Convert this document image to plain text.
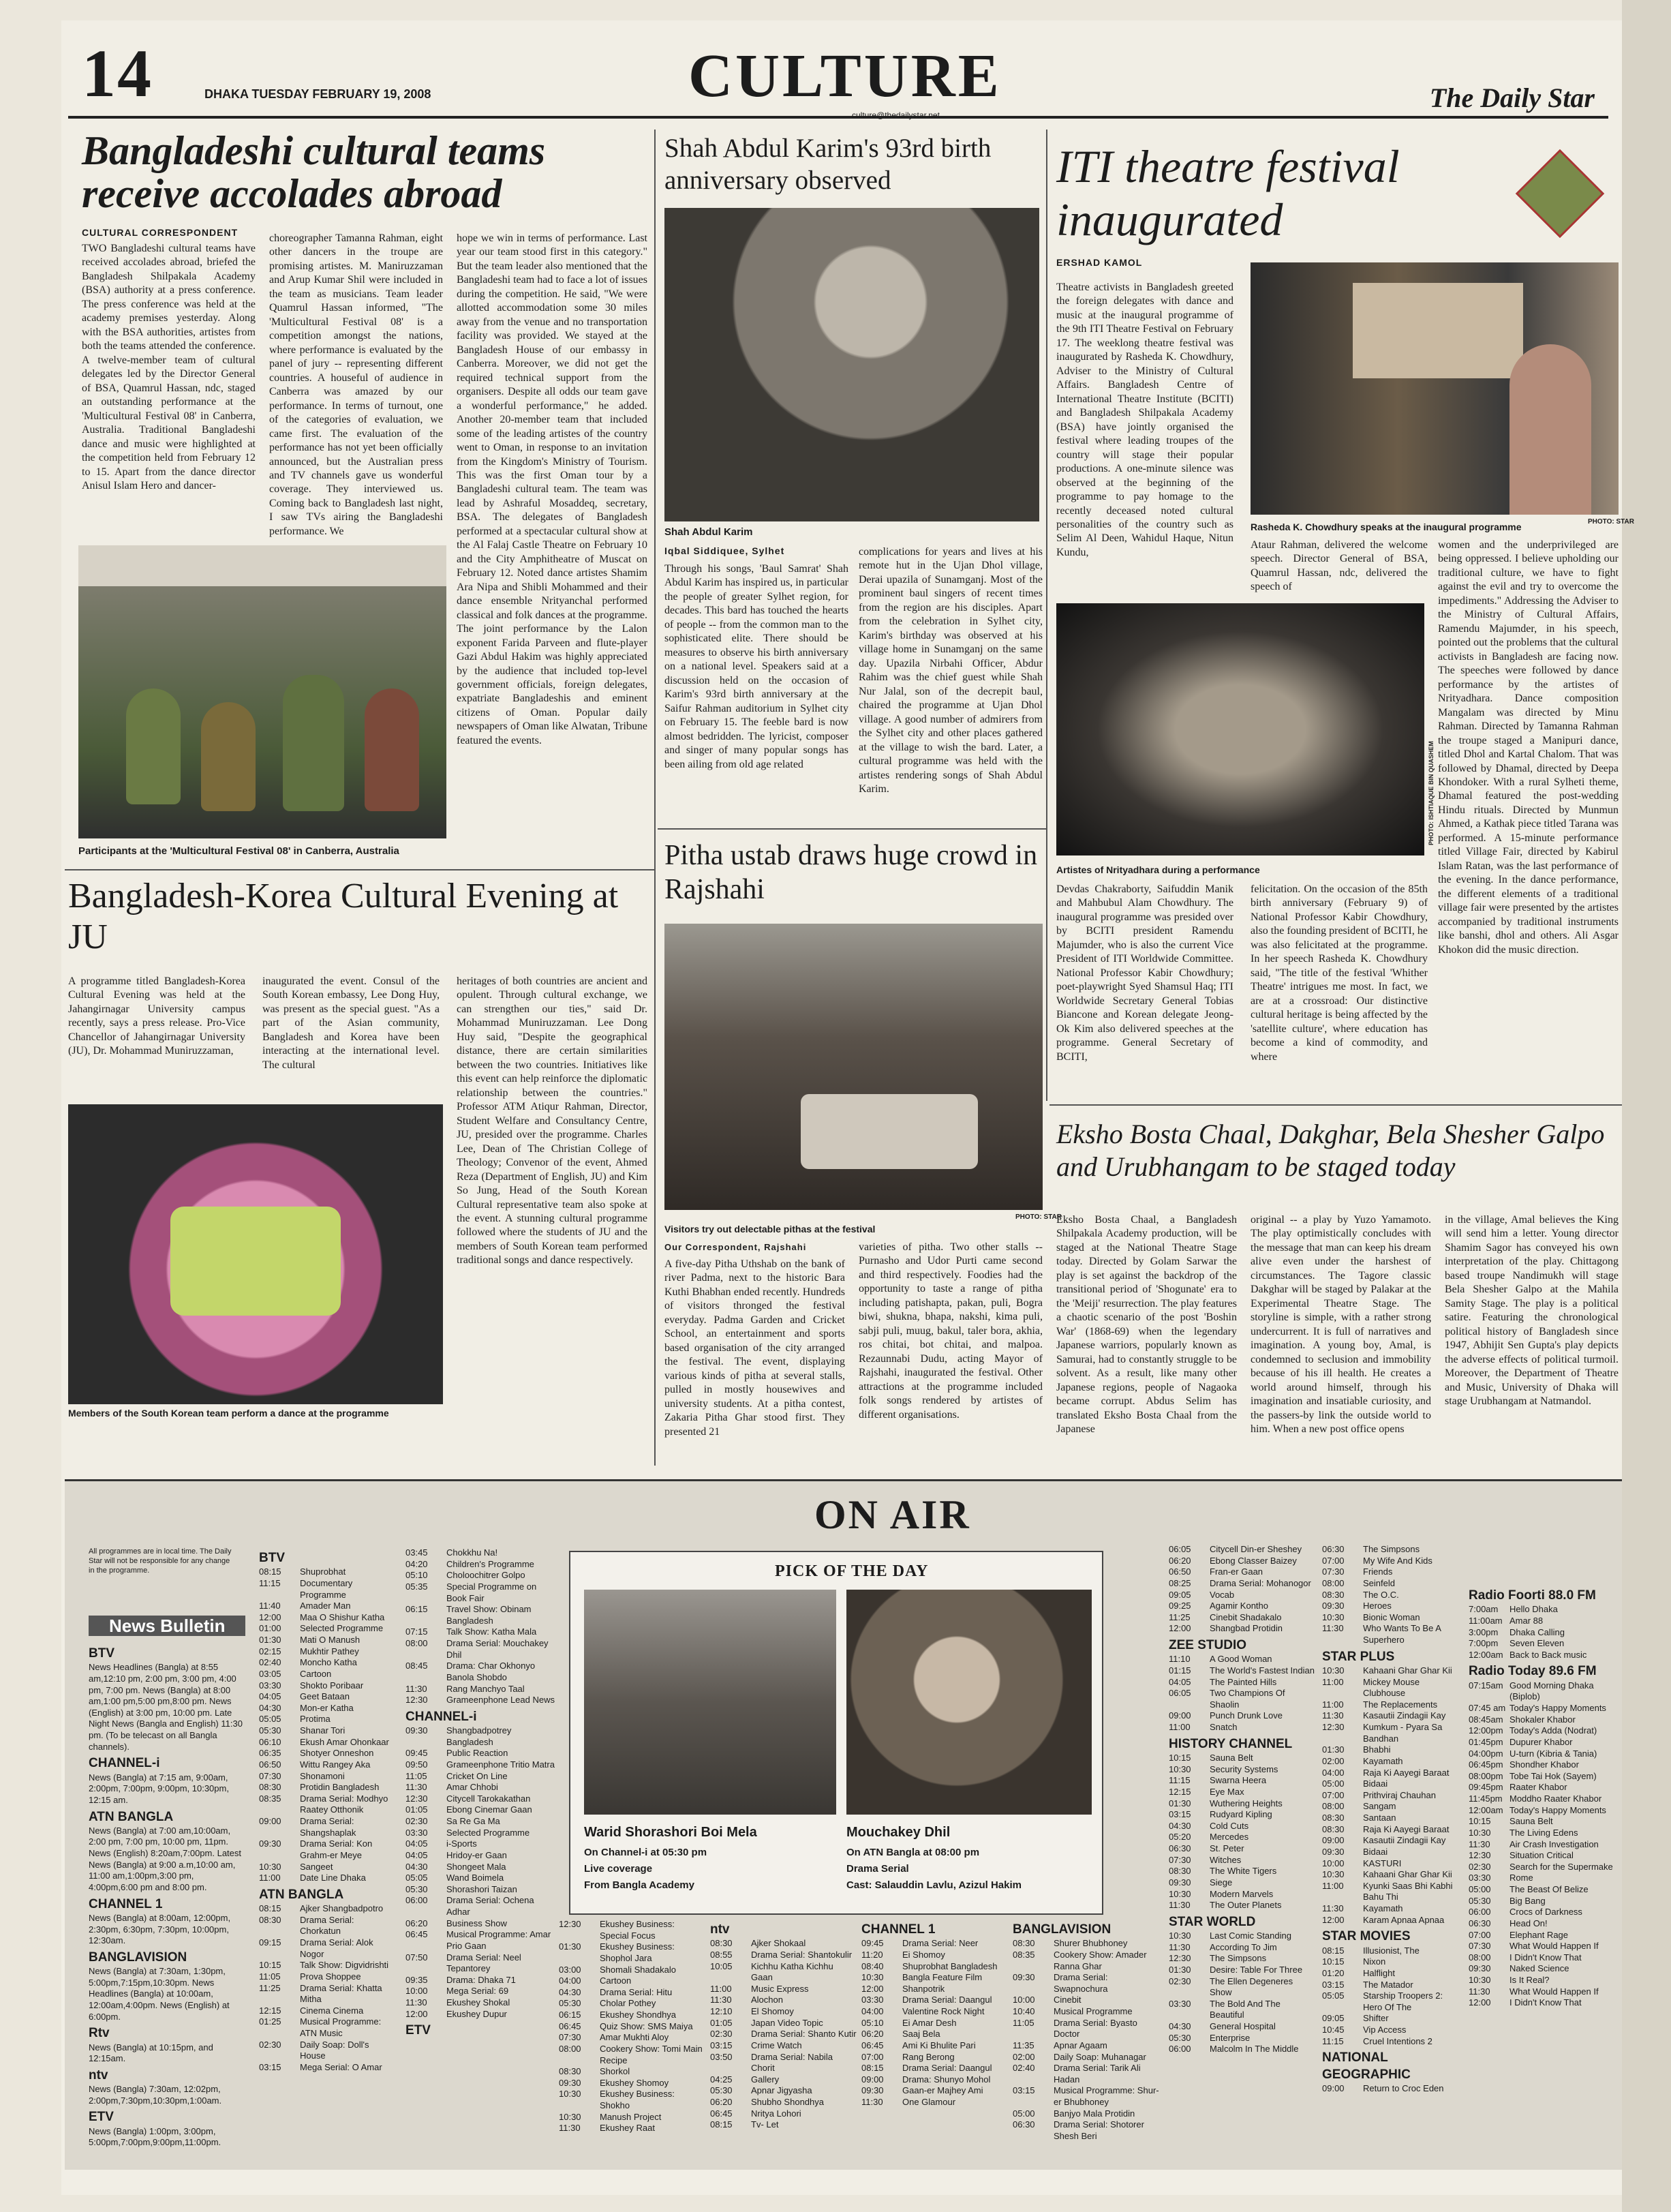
14	DHAKA TUESDAY FEBRUARY 19, 2008	CULTURE
culture@thedailystar.net
The Daily Star
Bangladeshi cultural teams receive accolades abroad
CULTURAL CORRESPONDENT
TWO Bangladeshi cultural teams have received accolades abroad, briefed the Bangladesh Shilpakala Academy (BSA) authority at a press conference. The press conference was held at the academy premises yesterday. Along with the BSA authorities, artistes from both the teams attended the conference. A twelve-member team of cultural delegates led by the Director General of BSA, Quamrul Hassan, ndc, staged an outstanding performance at the 'Multicultural Festival 08' in Canberra, Australia. Traditional Bangladeshi dance and music were highlighted at the competition held from February 12 to 15. Apart from the dance director Anisul Islam Hero and dancer-
choreographer Tamanna Rahman, eight other dancers in the troupe are promising artistes. M. Maniruzzaman and Arup Kumar Shil were included in the team as musicians. Team leader Quamrul Hassan informed, "The 'Multicultural Festival 08' is a competition amongst the nations, where performance is evaluated by the panel of jury -- representing different countries. A houseful of audience in Canberra was amazed by our performance. In terms of turnout, one of the categories of evaluation, we came first. The evaluation of the performance has not yet been officially announced, but the Australian press and TV channels gave us wonderful coverage. They interviewed us. Coming back to Bangladesh last night, I saw TVs airing the Bangladeshi performance. We
hope we win in terms of performance. Last year our team stood first in this category." But the team leader also mentioned that the Bangladeshi team had to face a lot of issues during the competition. He said, "We were allotted accommodation some 30 miles away from the venue and no transportation facility was provided. We stayed at the Bangladesh House of our embassy in Canberra. Moreover, we did not get the required technical support from the organisers. Despite all odds our team gave a wonderful performance," he added. Another 20-member team that included some of the leading artistes of the country went to Oman, in response to an invitation from the Kingdom's Ministry of Tourism. This was the first Oman tour by a Bangladeshi cultural team. The team was lead by Ashraful Mosaddeq, secretary, BSA. The delegates of Bangladesh performed at a spectacular cultural show at the Al Falaj Castle Theatre on February 10 and the City Amphitheatre of Muscat on February 12. Noted dance artistes Shamim Ara Nipa and Shibli Mohammed and their dance ensemble Nrityanchal performed classical and folk dances at the programme. The joint performance by the Lalon exponent Farida Parveen and flute-player Gazi Abdul Hakim was highly appreciated by the audience that included top-level government officials, foreign delegates, expatriate Bangladeshis and eminent citizens of Oman. Popular daily newspapers of Oman like Alwatan, Tribune featured the events.
Participants at the 'Multicultural Festival 08' in Canberra, Australia
Shah Abdul Karim's 93rd birth anniversary observed
Shah Abdul Karim
Iqbal Siddiquee, Sylhet
Through his songs, 'Baul Samrat' Shah Abdul Karim has inspired us, in particular the people of greater Sylhet region, for decades. This bard has touched the hearts of people -- from the common man to the sophisticated elite. There should be measures to observe his birth anniversary on a national level. Speakers said at a discussion held on the occasion of Karim's 93rd birth anniversary at the Saifur Rahman auditorium in Sylhet city on February 15. The feeble bard is now almost bedridden. The lyricist, composer and singer of many popular songs has been ailing from old age related
complications for years and lives at his remote hut in the Ujan Dhol village, Derai upazila of Sunamganj. Most of the prominent baul singers of recent times from the region are his disciples. Apart from the celebration in Sylhet city, Karim's birthday was observed at his village home in Sunamganj on the same day. Upazila Nirbahi Officer, Abdur Rahim was the chief guest while Shah Nur Jalal, son of the decrepit baul, chaired the programme at Ujan Dhol village. A good number of admirers from the Sylhet city and other places gathered at the village to wish the bard. Later, a cultural programme was held with the artistes rendering songs of Shah Abdul Karim.
ITI theatre festival inaugurated
ERSHAD KAMOL
Theatre activists in Bangladesh greeted the foreign delegates with dance and music at the inaugural programme of the 9th ITI Theatre Festival on February 17. The weeklong theatre festival was inaugurated by Rasheda K. Chowdhury, Adviser to the Ministry of Cultural Affairs. Bangladesh Centre of International Theatre Institute (BCITI) and Bangladesh Shilpakala Academy (BSA) have jointly organised the festival where leading troupes of the country will stage their popular productions. A one-minute silence was observed at the beginning of the programme to pay homage to the recently deceased noted cultural personalities of the country such as Selim Al Deen, Wahidul Haque, Nitun Kundu,
Rasheda K. Chowdhury speaks at the inaugural programme	PHOTO: STAR
Ataur Rahman, delivered the welcome speech. Director General of BSA, Quamrul Hassan, ndc, delivered the speech of
women and the underprivileged are being oppressed. I believe upholding our traditional culture, we have to fight against the evil and try to overcome the impediments." Addressing the Adviser to the Ministry of Cultural Affairs, Ramendu Majumder, in his speech, pointed out the problems that the cultural activists in Bangladesh are facing now. The speeches were followed by dance performance by the artistes of Nrityadhara. Dance composition Mangalam was directed by Minu Rahman. Directed by Tamanna Rahman the troupe staged a Manipuri dance, titled Dhol and Kartal Chalom. That was followed by Dhamal, directed by Deepa Khondoker. With a rural Sylheti theme, Dhamal featured the post-wedding Hindu rituals. Directed by Munmun Ahmed, a Kathak piece titled Tarana was performed. A 15-minute performance titled Village Fair, directed by Kabirul Islam Ratan, was the last performance of the evening. In the dance performance, the different elements of a traditional village fair were presented by the artistes accompanied by traditional instruments like banshi, dhol and others. Ali Asgar Khokon did the music direction.
PHOTO: ISHTIAQUE BIN QUASHEM
Artistes of Nrityadhara during a performance
Devdas Chakraborty, Saifuddin Manik and Mahbubul Alam Chowdhury. The inaugural programme was presided over by BCITI president Ramendu Majumder, who is also the current Vice President of ITI Worldwide Committee. National Professor Kabir Chowdhury; poet-playwright Syed Shamsul Haq; ITI Worldwide Secretary General Tobias Biancone and Korean delegate Jeong-Ok Kim also delivered speeches at the programme. General Secretary of BCITI,
felicitation. On the occasion of the 85th birth anniversary (February 9) of National Professor Kabir Chowdhury, also the founding president of BCITI, he was also felicitated at the programme. In her speech Rasheda K. Chowdhury said, "The title of the festival 'Whither Theatre' intrigues me most. In fact, we are at a crossroad: Our distinctive cultural heritage is being affected by the 'satellite culture', where education has become a kind of commodity, and where
Bangladesh-Korea Cultural Evening at JU
A programme titled Bangladesh-Korea Cultural Evening was held at the Jahangirnagar University campus recently, says a press release. Pro-Vice Chancellor of Jahangirnagar University (JU), Dr. Mohammad Muniruzzaman,
inaugurated the event. Consul of the South Korean embassy, Lee Dong Huy, was present as the special guest. "As a part of the Asian community, Bangladesh and Korea have been interacting at the international level. The cultural
heritages of both countries are ancient and opulent. Through cultural exchange, we can strengthen our ties," said Dr. Mohammad Muniruzzaman. Lee Dong Huy said, "Despite the geographical distance, there are certain similarities between the two countries. Initiatives like this event can help reinforce the diplomatic relationship between the countries." Professor ATM Atiqur Rahman, Director, Student Welfare and Consultancy Centre, JU, presided over the programme. Charles Lee, Dean of The Christian College of Theology; Convenor of the event, Ahmed Reza (Department of English, JU) and Kim So Jung, Head of the South Korean Cultural representative team also spoke at the event. A stunning cultural programme followed where the students of JU and the members of South Korean team performed traditional songs and dance respectively.
Members of the South Korean team perform a dance at the programme
Pitha ustab draws huge crowd in Rajshahi
PHOTO: STAR
Visitors try out delectable pithas at the festival
Our Correspondent, Rajshahi
A five-day Pitha Uthshab on the bank of river Padma, next to the historic Bara Kuthi Bhabhan ended recently. Hundreds of visitors thronged the festival everyday. Padma Garden and Cricket School, an entertainment and sports based organisation of the city arranged the festival. The event, displaying various kinds of pitha at several stalls, pulled in mostly housewives and university students. At a pitha contest, Zakaria Pitha Ghar stood first. They presented 21
varieties of pitha. Two other stalls -- Purnasho and Udor Purti came second and third respectively. Foodies had the opportunity to taste a range of pitha including patishapta, pakan, puli, Bogra biwi, shukna, bhapa, nakshi, kima puli, sabji puli, muug, bakul, taler bora, akhia, ros chitai, bot chitai, and malpoa. Rezaunnabi Dudu, acting Mayor of Rajshahi, inaugurated the festival. Other attractions at the programme included folk songs rendered by artistes of different organisations.
Eksho Bosta Chaal, Dakghar, Bela Shesher Galpo and Urubhangam to be staged today
Eksho Bosta Chaal, a Bangladesh Shilpakala Academy production, will be staged at the National Theatre Stage today. Directed by Golam Sarwar the play is set against the backdrop of the transitional period of 'Shogunate' era to the 'Meiji' resurrection. The play features a chaotic scenario of the post 'Boshin War' (1868-69) when the legendary Japanese warriors, popularly known as Samurai, had to constantly struggle to be solvent. As a result, like many other Japanese regions, people of Nagaoka became corrupt. Abdus Selim has translated Eksho Bosta Chaal from the Japanese
original -- a play by Yuzo Yamamoto. The play optimistically concludes with the message that man can keep his dream alive even under the harshest of circumstances. The Tagore classic Dakghar will be staged by Palakar at the Experimental Theatre Stage. The storyline is simple, with a rather strong undercurrent. It is full of narratives and imagination. A young boy, Amal, is condemned to seclusion and immobility because of his ill health. He creates a world around himself, through his imagination and insatiable curiosity, and the passers-by link the outside world to him. When a new post office opens
in the village, Amal believes the King will send him a letter. Young director Shamim Sagor has conveyed his own interpretation of the play. Chittagong based troupe Nandimukh will stage Bela Shesher Galpo at the Mahila Samity Stage. The play is a political satire. Featuring the chronological political history of Bangladesh since 1947, Abhijit Sen Gupta's play depicts the adverse effects of political turmoil. Moreover, the Department of Theatre and Music, University of Dhaka will stage Urubhangam at Natmandol.
ON AIR
All programmes are in local time. The Daily Star will not be responsible for any change in the programme.
News Bulletin
BTV
News Headlines (Bangla) at 8:55 am,12:10 pm, 2:00 pm, 3:00 pm, 4:00 pm, 7:00 pm. News (Bangla) at 8:00 am,1:00 pm,5:00 pm,8:00 pm. News (English) at 3:00 pm, 10:00 pm. Late Night News (Bangla and English) 11:30 pm. (To be telecast on all Bangla channels).
CHANNEL-i
News (Bangla) at 7:15 am, 9:00am, 2:00pm, 7:00pm, 9:00pm, 10:30pm, 12:15 am.
ATN BANGLA
News (Bangla) at 7:00 am,10:00am, 2:00 pm, 7:00 pm, 10:00 pm, 11pm. News (English) 8:20am,7:00pm. Latest News (Bangla) at 9:00 a.m,10:00 am, 11:00 am,1:00pm,3:00 pm, 4:00pm,6:00 pm and 8:00 pm.
CHANNEL 1
News (Bangla) at 8:00am, 12:00pm, 2:30pm, 6:30pm, 7:30pm, 10:00pm, 12:30am.
BANGLAVISION
News (Bangla) at 7:30am, 1:30pm, 5:00pm,7:15pm,10:30pm. News Headlines (Bangla) at 10:00am, 12:00am,4:00pm. News (English) at 6:00pm.
Rtv
News (Bangla) at 10:15pm, and 12:15am.
ntv
News (Bangla) 7:30am, 12:02pm, 2:00pm,7:30pm,10:30pm,1:00am.
ETV
News (Bangla) 1:00pm, 3:00pm, 5:00pm,7:00pm,9:00pm,11:00pm.
BTV
08:15	Shuprobhat
11:15	Documentary Programme
11:40	Amader Man
12:00	Maa O Shishur Katha
01:00	Selected Programme
01:30	Mati O Manush
02:15	Mukhtir Pathey
02:40	Moncho Katha
03:05	Cartoon
03:30	Shokto Poribaar
04:05	Geet Bataan
04:30	Mon-er Katha
05:05	Protima
05:30	Shanar Tori
06:10	Ekush Amar Ohonkaar
06:35	Shotyer Onneshon
06:50	Wittu Rangey Aka
07:30	Shonamoni
08:30	Protidin Bangladesh
08:35	Drama Serial: Modhyo Raatey Otthonik
09:00	Drama Serial: Shangshaplak
09:30	Drama Serial: Kon Grahm-er Meye
10:30	Sangeet
11:00	Date Line Dhaka
ATN BANGLA
08:15	Ajker Shangbadpotro
08:30	Drama Serial: Chorkatun
09:15	Drama Serial: Alok Nogor
10:15	Talk Show: Digvidrishti
11:05	Prova Shoppee
11:25	Drama Serial: Khatta Mitha
12:15	Cinema Cinema
01:25	Musical Programme: ATN Music
02:30	Daily Soap: Doll's House
03:15	Mega Serial: O Amar
03:45	Chokkhu Na!
04:20	Children's Programme
05:10	Choloochitrer Golpo
05:35	Special Programme on Book Fair
06:15	Travel Show: Obinam Bangladesh
07:15	Talk Show: Katha Mala
08:00	Drama Serial: Mouchakey Dhil
08:45	Drama: Char Okhonyo Banola Shobdo
11:30	Rang Manchyo Taal
12:30	Grameenphone Lead News
CHANNEL-i
09:30	Shangbadpotrey Bangladesh
09:45	Public Reaction
09:50	Grameenphone Tritio Matra
11:05	Cricket On Line
11:30	Amar Chhobi
12:30	Citycell Tarokakathan
01:05	Ebong Cinemar Gaan
02:30	Sa Re Ga Ma
03:30	Selected Programme
04:05	i-Sports
04:05	Hridoy-er Gaan
04:30	Shongeet Mala
05:05	Wand Boimela
05:30	Shorashori Taizan
06:00	Drama Serial: Ochena Adhar
06:20	Business Show
06:45	Musical Programme: Amar Prio Gaan
07:50	Drama Serial: Neel Tepantorey
09:35	Drama: Dhaka 71
10:00	Mega Serial: 69
11:30	Ekushey Shokal
12:00	Ekushey Dupur
ETV
PICK OF THE DAY
Warid Shorashori Boi Mela
On Channel-i at 05:30 pm
Live coverage
From Bangla Academy
Mouchakey Dhil
On ATN Bangla at 08:00 pm
Drama Serial
Cast: Salauddin Lavlu, Azizul Hakim
12:30	Ekushey Business: Special Focus
01:30	Ekushey Business: Shophol Jara
03:00	Shomali Shadakalo
04:00	Cartoon
04:30	Drama Serial: Hitu
05:30	Cholar Pothey
06:15	Ekushey Shondhya
06:45	Quiz Show: SMS Maiya
07:30	Amar Mukhti Aloy
08:00	Cookery Show: Tomi Main Recipe
08:30	Shorkol
09:30	Ekushey Shomoy
10:30	Ekushey Business: Shokho
10:30	Manush Project
11:30	Ekushey Raat
ntv
08:30	Ajker Shokaal
08:55	Drama Serial: Shantokulir
10:05	Kichhu Katha Kichhu Gaan
11:00	Music Express
11:30	Alochon
12:10	El Shomoy
01:05	Japan Video Topic
02:30	Drama Serial: Shanto Kutir
03:15	Crime Watch
03:50	Drama Serial: Nabila Chorit
04:25	Gallery
05:30	Apnar Jigyasha
06:20	Shubho Shondhya
06:45	Nritya Lohori
08:15	Tv- Let
CHANNEL 1
09:45	Drama Serial: Neer
11:20	Ei Shomoy
08:40	Shuprobhat Bangladesh
10:30	Bangla Feature Film
12:00	Shanpotrik
03:30	Drama Serial: Daangul
04:00	Valentine Rock Night
05:10	Ei Amar Desh
06:20	Saaj Bela
06:45	Ami Ki Bhulite Pari
07:00	Rang Berong
08:15	Drama Serial: Daangul
09:00	Drama: Shunyo Mohol
09:30	Gaan-er Majhey Ami
11:30	One Glamour
BANGLAVISION
08:30	Shurer Bhubhoney
08:35	Cookery Show: Amader Ranna Ghar
09:30	Drama Serial: Swapnochura
10:00	Cinebit
10:40	Musical Programme
11:05	Drama Serial: Byasto Doctor
11:35	Apnar Agaam
02:00	Daily Soap: Muhanagar
02:40	Drama Serial: Tarik Ali Hadan
03:15	Musical Programme: Shur-er Bhubhoney
05:00	Banjyo Mala Protidin
06:30	Drama Serial: Shotorer Shesh Beri
06:05	Citycell Din-er Sheshey
06:20	Ebong Classer Baizey
06:50	Fran-er Gaan
08:25	Drama Serial: Mohanogor
09:05	Vocab
09:25	Agamir Kontho
11:25	Cinebit Shadakalo
12:00	Shangbad Protidin
ZEE STUDIO
11:10	A Good Woman
01:15	The World's Fastest Indian
04:05	The Painted Hills
06:05	Two Champions Of Shaolin
09:00	Punch Drunk Love
11:00	Snatch
HISTORY CHANNEL
10:15	Sauna Belt
10:30	Security Systems
11:15	Swarna Heera
12:15	Eye Max
01:30	Wuthering Heights
03:15	Rudyard Kipling
04:30	Cold Cuts
05:20	Mercedes
06:30	St. Peter
07:30	Witches
08:30	The White Tigers
09:30	Siege
10:30	Modern Marvels
11:30	The Outer Planets
STAR WORLD
10:30	Last Comic Standing
11:30	According To Jim
12:30	The Simpsons
01:30	Desire: Table For Three
02:30	The Ellen Degeneres Show
03:30	The Bold And The Beautiful
04:30	General Hospital
05:30	Enterprise
06:00	Malcolm In The Middle
06:30	The Simpsons
07:00	My Wife And Kids
07:30	Friends
08:00	Seinfeld
08:30	The O.C.
09:30	Heroes
10:30	Bionic Woman
11:30	Who Wants To Be A Superhero
STAR PLUS
10:30	Kahaani Ghar Ghar Kii
11:00	Mickey Mouse Clubhouse
11:00	The Replacements
11:30	Kasautii Zindagii Kay
12:30	Kumkum - Pyara Sa Bandhan
01:30	Bhabhi
02:00	Kayamath
04:00	Raja Ki Aayegi Baraat
05:00	Bidaai
07:00	Prithviraj Chauhan
08:00	Sangam
08:30	Santaan
08:30	Raja Ki Aayegi Baraat
09:00	Kasautii Zindagii Kay
09:30	Bidaai
10:00	KASTURI
10:30	Kahaani Ghar Ghar Kii
11:00	Kyunki Saas Bhi Kabhi Bahu Thi
11:30	Kayamath
12:00	Karam Apnaa Apnaa
STAR MOVIES
08:15	Illusionist, The
10:15	Nixon
01:20	Halflight
03:15	The Matador
05:05	Starship Troopers 2: Hero Of The
09:05	Shifter
10:45	Vip Access
11:15	Cruel Intentions 2
NATIONAL GEOGRAPHIC
09:00	Return to Croc Eden
Radio Foorti 88.0 FM
7:00am	Hello Dhaka
11:00am Amar 88
3:00pm	Dhaka Calling
7:00pm	Seven Eleven
12:00am Back to Back music
Radio Today 89.6 FM
07:15am Good Morning Dhaka (Biplob)
07:45 am Today's Happy Moments
08:45am Shokaler Khabor
12:00pm Today's Adda (Nodrat)
01:45pm Dupurer Khabor
04:00pm U-turn (Kibria & Tania)
06:45pm Shondher Khabor
08:00pm Tobe Tai Hok (Sayem)
09:45pm Raater Khabor
11:45pm Moddho Raater Khabor
12:00am Today's Happy Moments
10:15	Sauna Belt
10:30	The Living Edens
11:30	Air Crash Investigation
12:30	Situation Critical
02:30	Search for the Supermake
03:30	Rome
05:00	The Beast Of Belize
05:30	Big Bang
06:00	Crocs of Darkness
06:30	Head On!
07:00	Elephant Rage
07:30	What Would Happen If
08:00	I Didn't Know That
09:30	Naked Science
10:30	Is It Real?
11:30	What Would Happen If
12:00	I Didn't Know That
